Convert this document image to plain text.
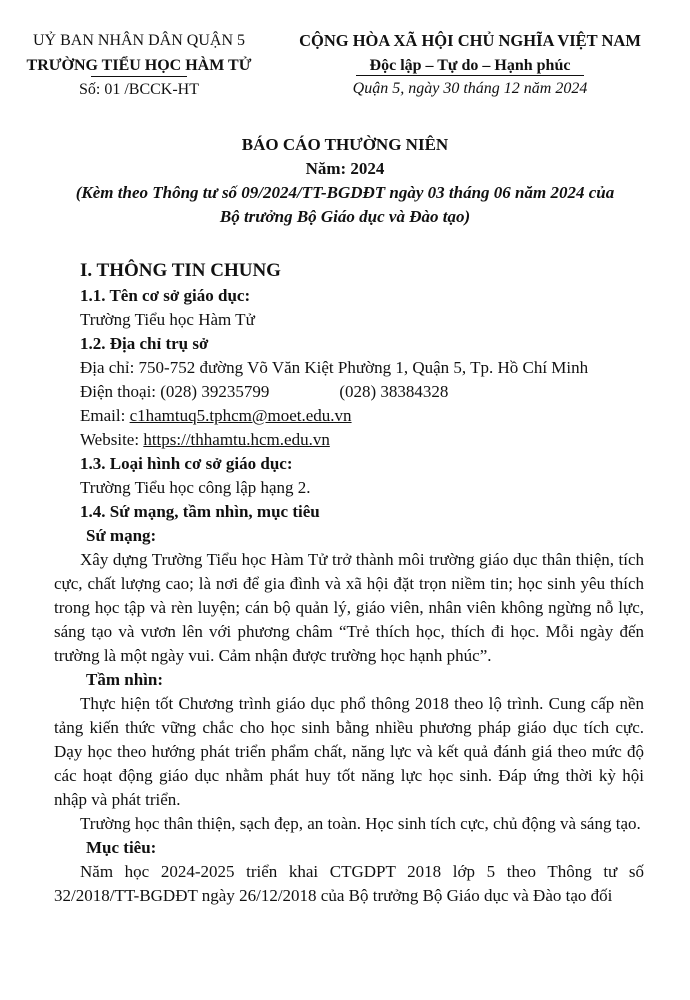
UỶ BAN NHÂN DÂN QUẬN 5
TRƯỜNG TIỂU HỌC HÀM TỬ
Số: 01 /BCCK-HT
CỘNG HÒA XÃ HỘI CHỦ NGHĨA VIỆT NAM
Độc lập – Tự do – Hạnh phúc
Quận 5, ngày 30 tháng 12 năm 2024
BÁO CÁO THƯỜNG NIÊN
Năm: 2024
(Kèm theo Thông tư số 09/2024/TT-BGDĐT ngày 03 tháng 06 năm 2024 của
Bộ trưởng Bộ Giáo dục và Đào tạo)
I. THÔNG TIN CHUNG
1.1. Tên cơ sở giáo dục:
Trường Tiểu học Hàm Tử
1.2. Địa chỉ trụ sở
Địa chỉ: 750-752 đường Võ Văn Kiệt Phường 1, Quận 5, Tp. Hồ Chí Minh
Điện thoại: (028) 39235799	(028) 38384328
Email: c1hamtuq5.tphcm@moet.edu.vn
Website: https://thhamtu.hcm.edu.vn
1.3. Loại hình cơ sở giáo dục:
Trường Tiểu học công lập hạng 2.
1.4. Sứ mạng, tầm nhìn, mục tiêu
Sứ mạng:
Xây dựng Trường Tiểu học Hàm Tử trở thành môi trường giáo dục thân thiện, tích cực, chất lượng cao; là nơi để gia đình và xã hội đặt trọn niềm tin; học sinh yêu thích trong học tập và rèn luyện; cán bộ quản lý, giáo viên, nhân viên không ngừng nỗ lực, sáng tạo và vươn lên với phương châm “Trẻ thích học, thích đi học. Mỗi ngày đến trường là một ngày vui. Cảm nhận được trường học hạnh phúc”.
Tầm nhìn:
Thực hiện tốt Chương trình giáo dục phổ thông 2018 theo lộ trình. Cung cấp nền tảng kiến thức vững chắc cho học sinh bằng nhiều phương pháp giáo dục tích cực. Dạy học theo hướng phát triển phẩm chất, năng lực và kết quả đánh giá theo mức độ các hoạt động giáo dục nhằm phát huy tốt năng lực học sinh. Đáp ứng thời kỳ hội nhập và phát triển.
Trường học thân thiện, sạch đẹp, an toàn. Học sinh tích cực, chủ động và sáng tạo.
Mục tiêu:
Năm học 2024-2025 triển khai CTGDPT 2018 lớp 5 theo Thông tư số 32/2018/TT-BGDĐT ngày 26/12/2018 của Bộ trưởng Bộ Giáo dục và Đào tạo đối
